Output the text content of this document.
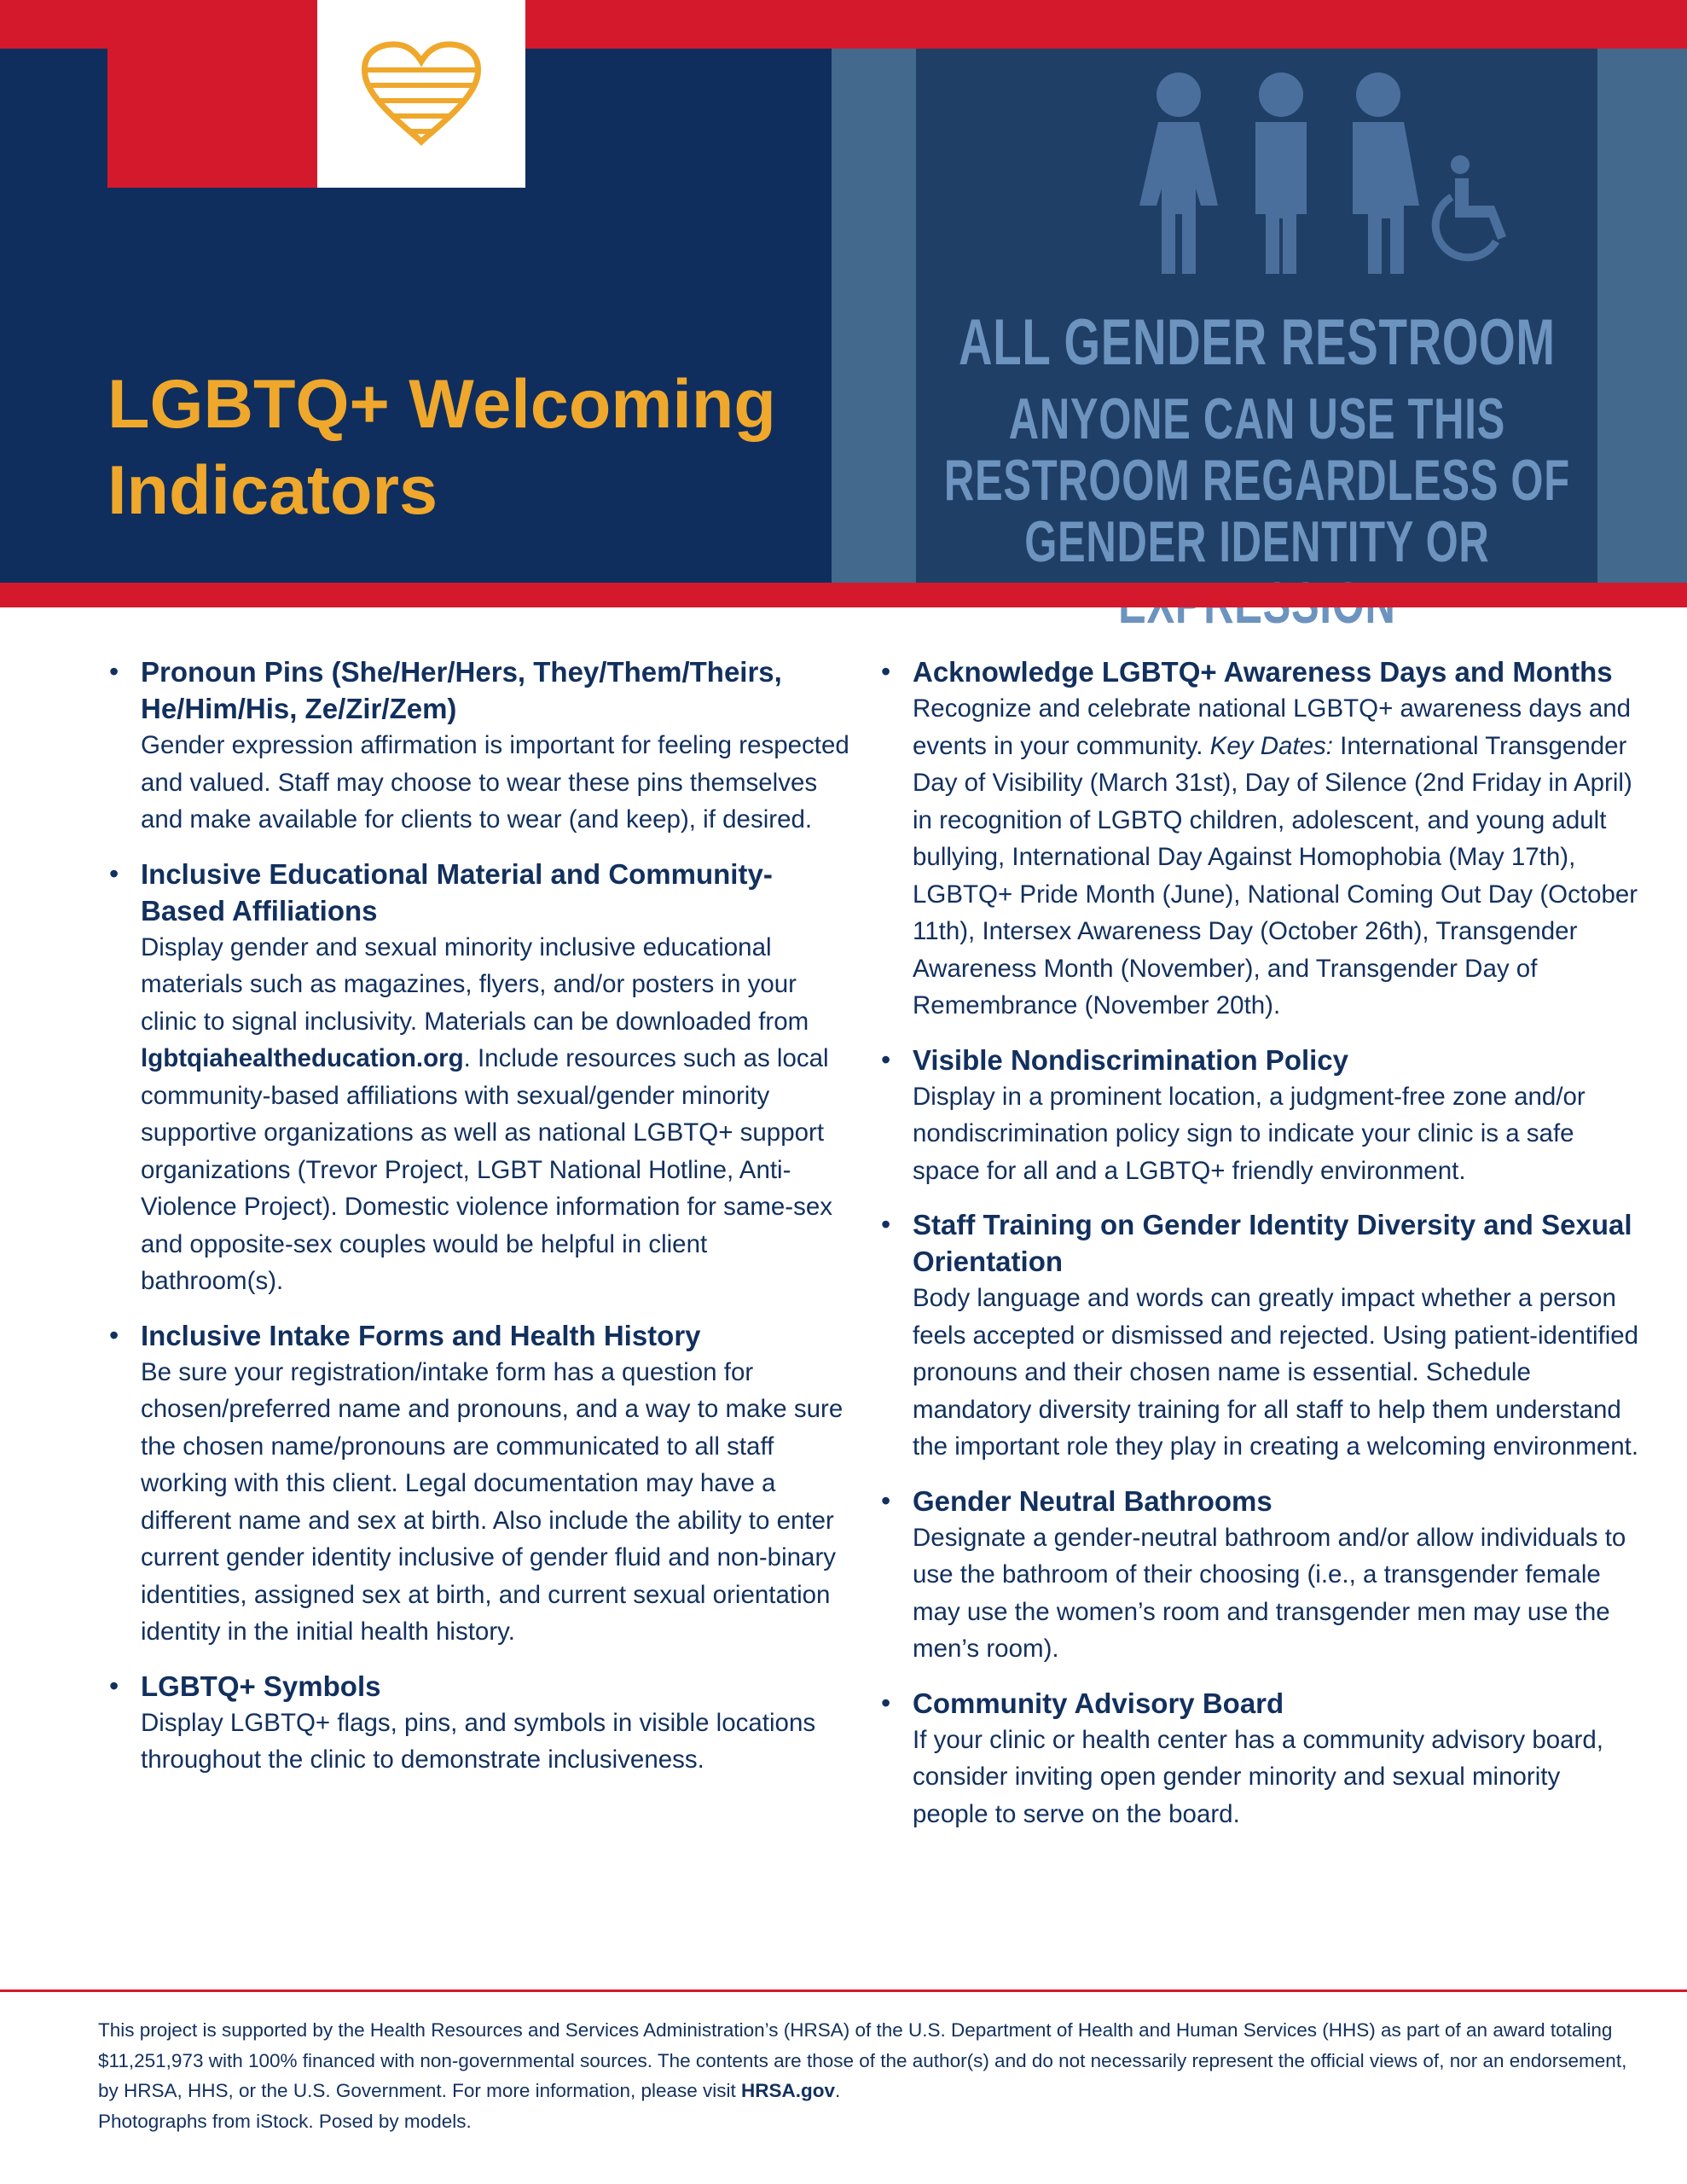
LGBTQ+ Welcoming Indicators
ALL GENDER RESTROOM
ANYONE CAN USE THIS RESTROOM REGARDLESS OF GENDER IDENTITY OR
• Pronoun Pins (She/Her/Hers, They/Them/Theirs, He/Him/His, Ze/Zir/Zem)

Gender expression affirmation is important for feeling respected and valued. Staff may choose to wear these pins themselves and make available for clients to wear (and keep), if desired.

• Inclusive Educational Material and Community-Based Affiliations

Display gender and sexual minority inclusive educational materials such as magazines, flyers, and/or posters in your clinic to signal inclusivity. Materials can be downloaded from lgbtqiahealtheducation.org. Include resources such as local community-based affiliations with sexual/gender minority supportive organizations as well as national LGBTQ+ support organizations (Trevor Project, LGBT National Hotline, Anti-Violence Project). Domestic violence information for same-sex and opposite-sex couples would be helpful in client bathroom(s).

• Inclusive Intake Forms and Health History

Be sure your registration/intake form has a question for chosen/preferred name and pronouns, and a way to make sure the chosen name/pronouns are communicated to all staff working with this client. Legal documentation may have a different name and sex at birth. Also include the ability to enter current gender identity inclusive of gender fluid and non-binary identities, assigned sex at birth, and current sexual orientation identity in the initial health history.

• LGBTQ+ Symbols

Display LGBTQ+ flags, pins, and symbols in visible locations throughout the clinic to demonstrate inclusiveness.

• Acknowledge LGBTQ+ Awareness Days and Months

Recognize and celebrate national LGBTQ+ awareness days and events in your community. Key Dates: International Transgender Day of Visibility (March 31st), Day of Silence (2nd Friday in April) in recognition of LGBTQ children, adolescent, and young adult bullying, International Day Against Homophobia (May 17th), LGBTQ+ Pride Month (June), National Coming Out Day (October 11th), Intersex Awareness Day (October 26th), Transgender Awareness Month (November), and Transgender Day of Remembrance (November 20th).

• Visible Nondiscrimination Policy

Display in a prominent location, a judgment-free zone and/or nondiscrimination policy sign to indicate your clinic is a safe space for all and a LGBTQ+ friendly environment.

• Staff Training on Gender Identity Diversity and Sexual Orientation

Body language and words can greatly impact whether a person feels accepted or dismissed and rejected. Using patient-identified pronouns and their chosen name is essential. Schedule mandatory diversity training for all staff to help them understand the important role they play in creating a welcoming environment.

• Gender Neutral Bathrooms

Designate a gender-neutral bathroom and/or allow individuals to use the bathroom of their choosing (i.e., a transgender female may use the women’s room and transgender men may use the men’s room).

• Community Advisory Board

If your clinic or health center has a community advisory board, consider inviting open gender minority and sexual minority people to serve on the board.

This project is supported by the Health Resources and Services Administration’s (HRSA) of the U.S. Department of Health and Human Services (HHS) as part of an award totaling $11,251,973 with 100% financed with non-governmental sources. The contents are those of the author(s) and do not necessarily represent the official views of, nor an endorsement, by HRSA, HHS, or the U.S. Government. For more information, please visit HRSA.gov.
Photographs from iStock. Posed by models.
